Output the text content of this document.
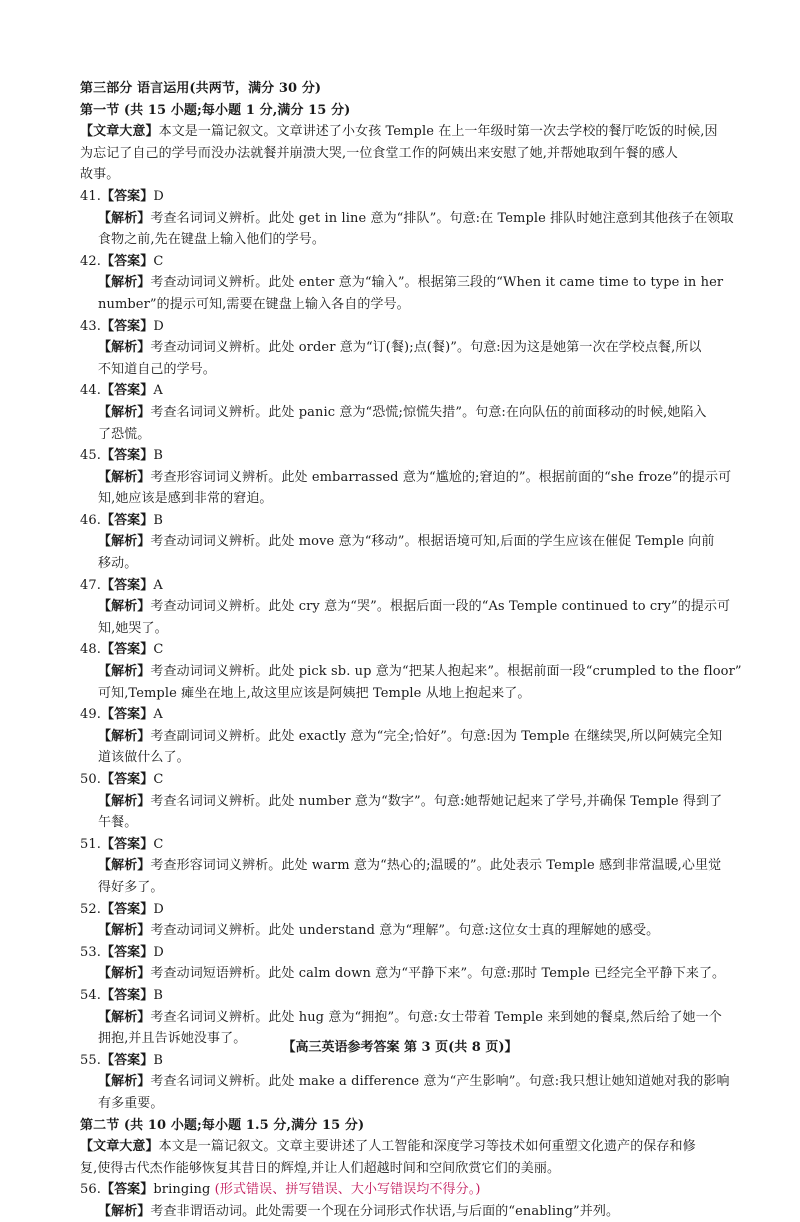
第三部分 语言运用(共两节，满分 30 分)
第一节 (共 15 小题;每小题 1 分,满分 15 分)
【文章大意】本文是一篇记叙文。文章讲述了小女孩 Temple 在上一年级时第一次去学校的餐厅吃饭的时候,因
为忘记了自己的学号而没办法就餐并崩溃大哭,一位食堂工作的阿姨出来安慰了她,并帮她取到午餐的感人
故事。
41.【答案】D
【解析】考查名词词义辨析。此处 get in line 意为“排队”。句意:在 Temple 排队时她注意到其他孩子在领取
食物之前,先在键盘上输入他们的学号。
42.【答案】C
【解析】考查动词词义辨析。此处 enter 意为“输入”。根据第三段的“When it came time to type in her
number”的提示可知,需要在键盘上输入各自的学号。
43.【答案】D
【解析】考查动词词义辨析。此处 order 意为“订(餐);点(餐)”。句意:因为这是她第一次在学校点餐,所以
不知道自己的学号。
44.【答案】A
【解析】考查名词词义辨析。此处 panic 意为“恐慌;惊慌失措”。句意:在向队伍的前面移动的时候,她陷入
了恐慌。
45.【答案】B
【解析】考查形容词词义辨析。此处 embarrassed 意为“尴尬的;窘迫的”。根据前面的“she froze”的提示可
知,她应该是感到非常的窘迫。
46.【答案】B
【解析】考查动词词义辨析。此处 move 意为“移动”。根据语境可知,后面的学生应该在催促 Temple 向前
移动。
47.【答案】A
【解析】考查动词词义辨析。此处 cry 意为“哭”。根据后面一段的“As Temple continued to cry”的提示可
知,她哭了。
48.【答案】C
【解析】考查动词词义辨析。此处 pick sb. up 意为“把某人抱起来”。根据前面一段“crumpled to the floor”
可知,Temple 瘫坐在地上,故这里应该是阿姨把 Temple 从地上抱起来了。
49.【答案】A
【解析】考查副词词义辨析。此处 exactly 意为“完全;恰好”。句意:因为 Temple 在继续哭,所以阿姨完全知
道该做什么了。
50.【答案】C
【解析】考查名词词义辨析。此处 number 意为“数字”。句意:她帮她记起来了学号,并确保 Temple 得到了
午餐。
51.【答案】C
【解析】考查形容词词义辨析。此处 warm 意为“热心的;温暖的”。此处表示 Temple 感到非常温暖,心里觉
得好多了。
52.【答案】D
【解析】考查动词词义辨析。此处 understand 意为“理解”。句意:这位女士真的理解她的感受。
53.【答案】D
【解析】考查动词短语辨析。此处 calm down 意为“平静下来”。句意:那时 Temple 已经完全平静下来了。
54.【答案】B
【解析】考查名词词义辨析。此处 hug 意为“拥抱”。句意:女士带着 Temple 来到她的餐桌,然后给了她一个
拥抱,并且告诉她没事了。
55.【答案】B
【解析】考查名词词义辨析。此处 make a difference 意为“产生影响”。句意:我只想让她知道她对我的影响
有多重要。
第二节 (共 10 小题;每小题 1.5 分,满分 15 分)
【文章大意】本文是一篇记叙文。文章主要讲述了人工智能和深度学习等技术如何重塑文化遗产的保存和修
复,使得古代杰作能够恢复其昔日的辉煌,并让人们超越时间和空间欣赏它们的美丽。
56.【答案】bringing (形式错误、拼写错误、大小写错误均不得分。)
【解析】考查非谓语动词。此处需要一个现在分词形式作状语,与后面的“enabling”并列。
【高三英语参考答案 第 3 页(共 8 页)】
